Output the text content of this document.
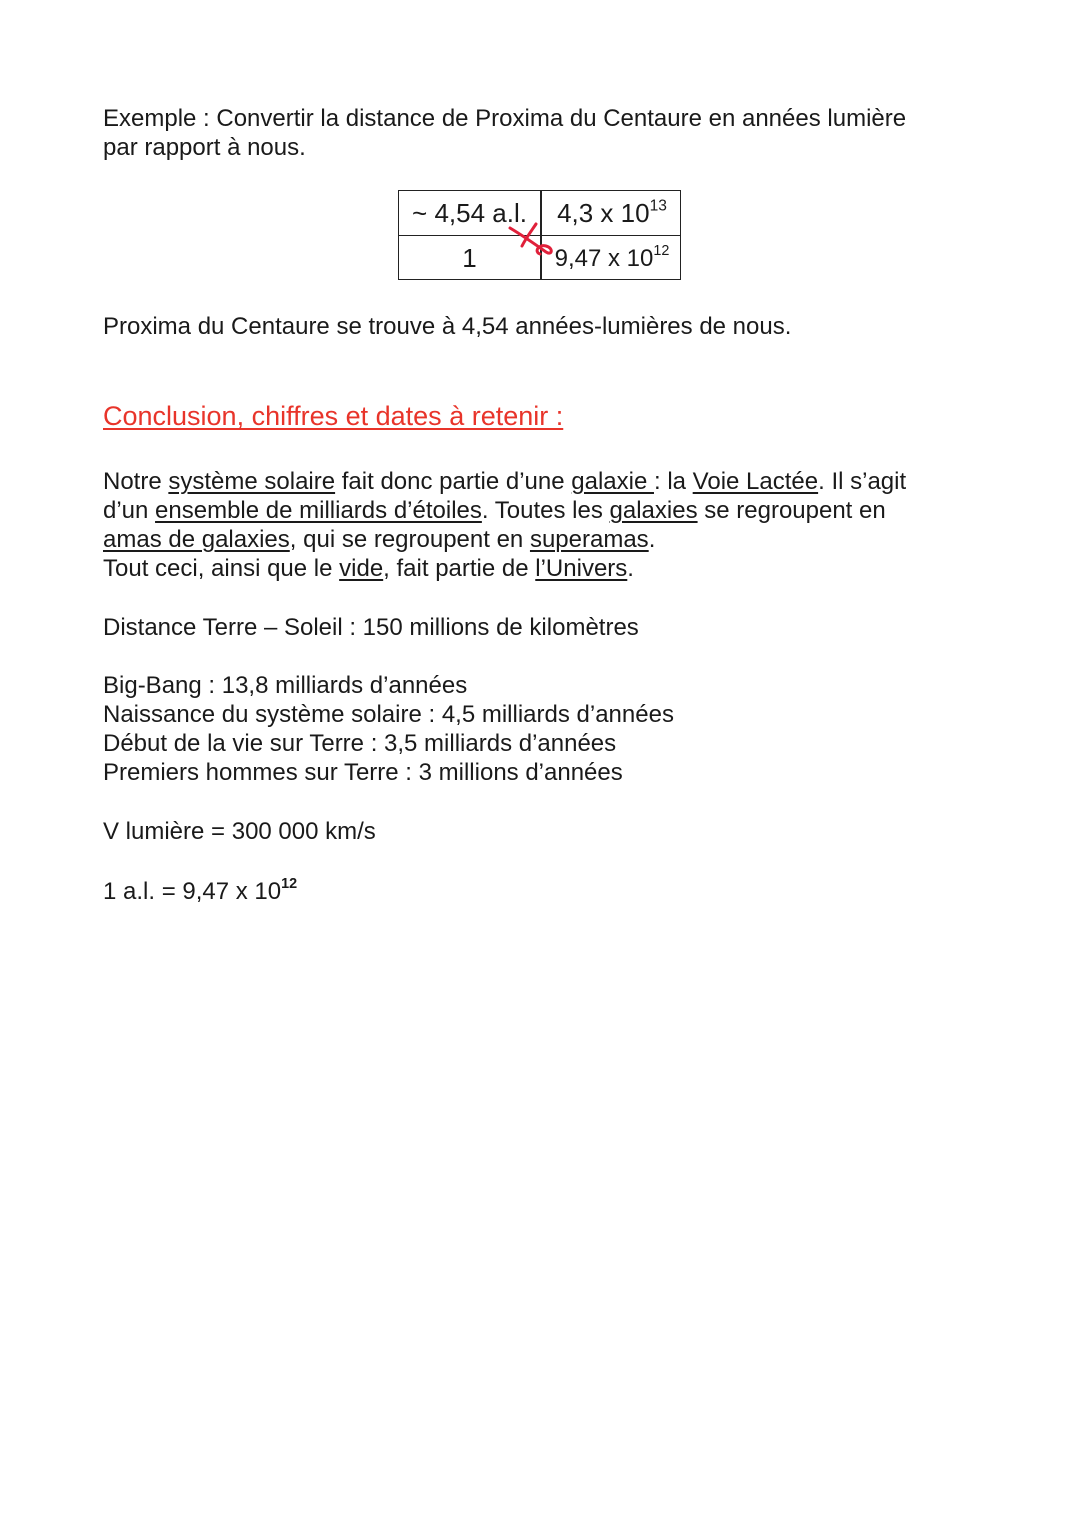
Exemple : Convertir la distance de Proxima du Centaure en années lumière
par rapport à nous.
~ 4,54 a.l.	4,3 x $10^{13}$
1	9,47 x $10^{12}$
Proxima du Centaure se trouve à 4,54 années-lumières de nous.
Conclusion, chiffres et dates à retenir :
Notre système solaire fait donc partie d’une galaxie : la Voie Lactée. Il s’agit
d’un ensemble de milliards d’étoiles. Toutes les galaxies se regroupent en
amas de galaxies, qui se regroupent en superamas.
Tout ceci, ainsi que le vide, fait partie de l’Univers.
Distance Terre – Soleil : 150 millions de kilomètres
Big-Bang : 13,8 milliards d’années
Naissance du système solaire : 4,5 milliards d’années
Début de la vie sur Terre : 3,5 milliards d’années
Premiers hommes sur Terre : 3 millions d’années
V lumière = 300 000 km/s
1 a.l. = 9,47 x $10^{12}$
